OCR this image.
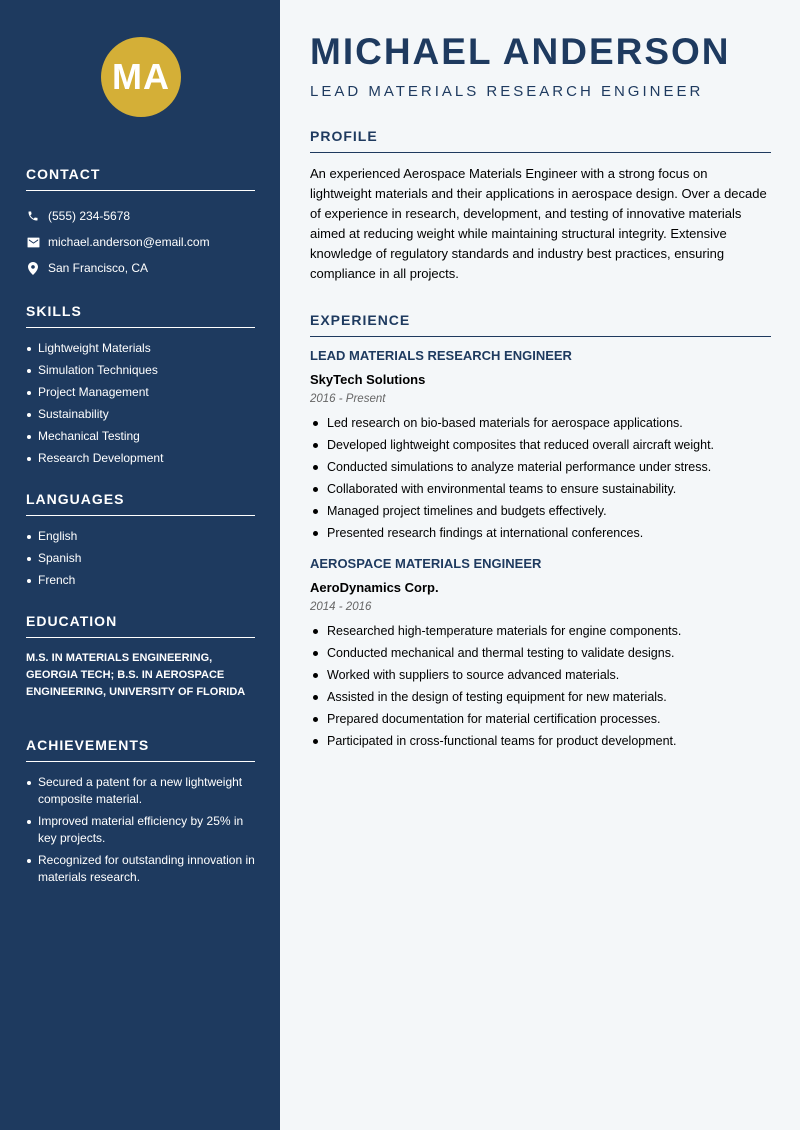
MA
CONTACT
(555) 234-5678
michael.anderson@email.com
San Francisco, CA
SKILLS
Lightweight Materials
Simulation Techniques
Project Management
Sustainability
Mechanical Testing
Research Development
LANGUAGES
English
Spanish
French
EDUCATION
M.S. IN MATERIALS ENGINEERING, GEORGIA TECH; B.S. IN AEROSPACE ENGINEERING, UNIVERSITY OF FLORIDA
ACHIEVEMENTS
Secured a patent for a new lightweight composite material.
Improved material efficiency by 25% in key projects.
Recognized for outstanding innovation in materials research.
MICHAEL ANDERSON
LEAD MATERIALS RESEARCH ENGINEER
PROFILE

An experienced Aerospace Materials Engineer with a strong focus on lightweight materials and their applications in aerospace design. Over a decade of experience in research, development, and testing of innovative materials aimed at reducing weight while maintaining structural integrity. Extensive knowledge of regulatory standards and industry best practices, ensuring compliance in all projects.

EXPERIENCE
LEAD MATERIALS RESEARCH ENGINEER
SkyTech Solutions
2016 - Present
Led research on bio-based materials for aerospace applications.
Developed lightweight composites that reduced overall aircraft weight.
Conducted simulations to analyze material performance under stress.
Collaborated with environmental teams to ensure sustainability.
Managed project timelines and budgets effectively.
Presented research findings at international conferences.
AEROSPACE MATERIALS ENGINEER
AeroDynamics Corp.
2014 - 2016
Researched high-temperature materials for engine components.
Conducted mechanical and thermal testing to validate designs.
Worked with suppliers to source advanced materials.
Assisted in the design of testing equipment for new materials.
Prepared documentation for material certification processes.
Participated in cross-functional teams for product development.
